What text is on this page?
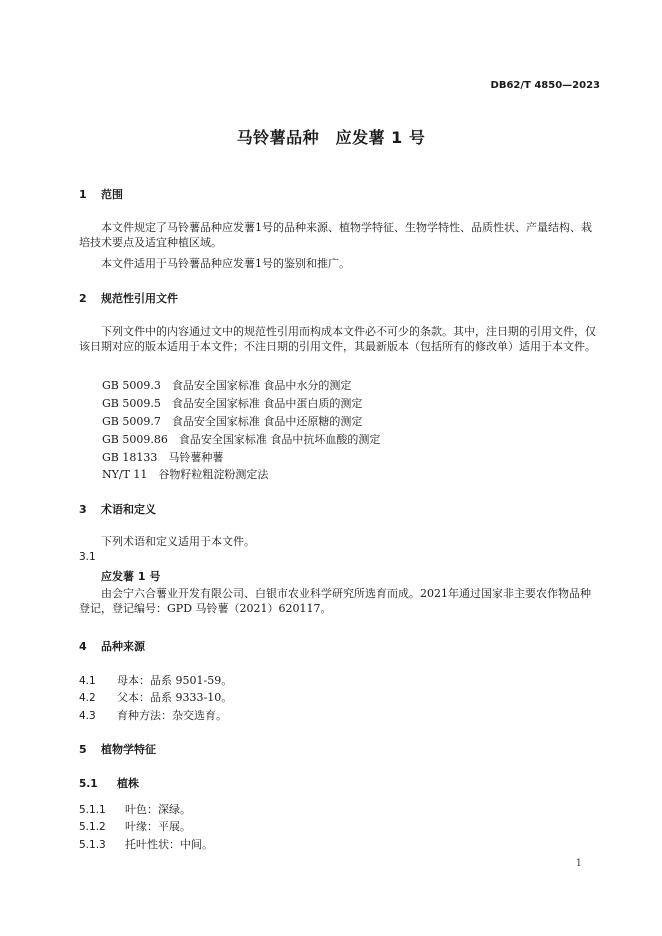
DB62/T 4850—2023
马铃薯品种　应发薯 1 号
1 范围
本文件规定了马铃薯品种应发薯1号的品种来源、植物学特征、生物学特性、品质性状、产量结构、栽培技术要点及适宜种植区域。
本文件适用于马铃薯品种应发薯1号的鉴别和推广。
2 规范性引用文件
下列文件中的内容通过文中的规范性引用而构成本文件必不可少的条款。其中，注日期的引用文件，仅该日期对应的版本适用于本文件；不注日期的引用文件，其最新版本（包括所有的修改单）适用于本文件。
GB 5009.3　食品安全国家标准 食品中水分的测定
GB 5009.5　食品安全国家标准 食品中蛋白质的测定
GB 5009.7　食品安全国家标准 食品中还原糖的测定
GB 5009.86　食品安全国家标准 食品中抗坏血酸的测定
GB 18133　马铃薯种薯
NY/T 11　谷物籽粒粗淀粉测定法
3 术语和定义
下列术语和定义适用于本文件。
3.1
应发薯 1 号
由会宁六合薯业开发有限公司、白银市农业科学研究所选育而成。2021年通过国家非主要农作物品种登记，登记编号：GPD 马铃薯（2021）620117。
4 品种来源
4.1 母本：品系 9501-59。
4.2 父本：品系 9333-10。
4.3 育种方法：杂交选育。
5 植物学特征
5.1 植株
5.1.1 叶色：深绿。
5.1.2 叶缘：平展。
5.1.3 托叶性状：中间。
1
